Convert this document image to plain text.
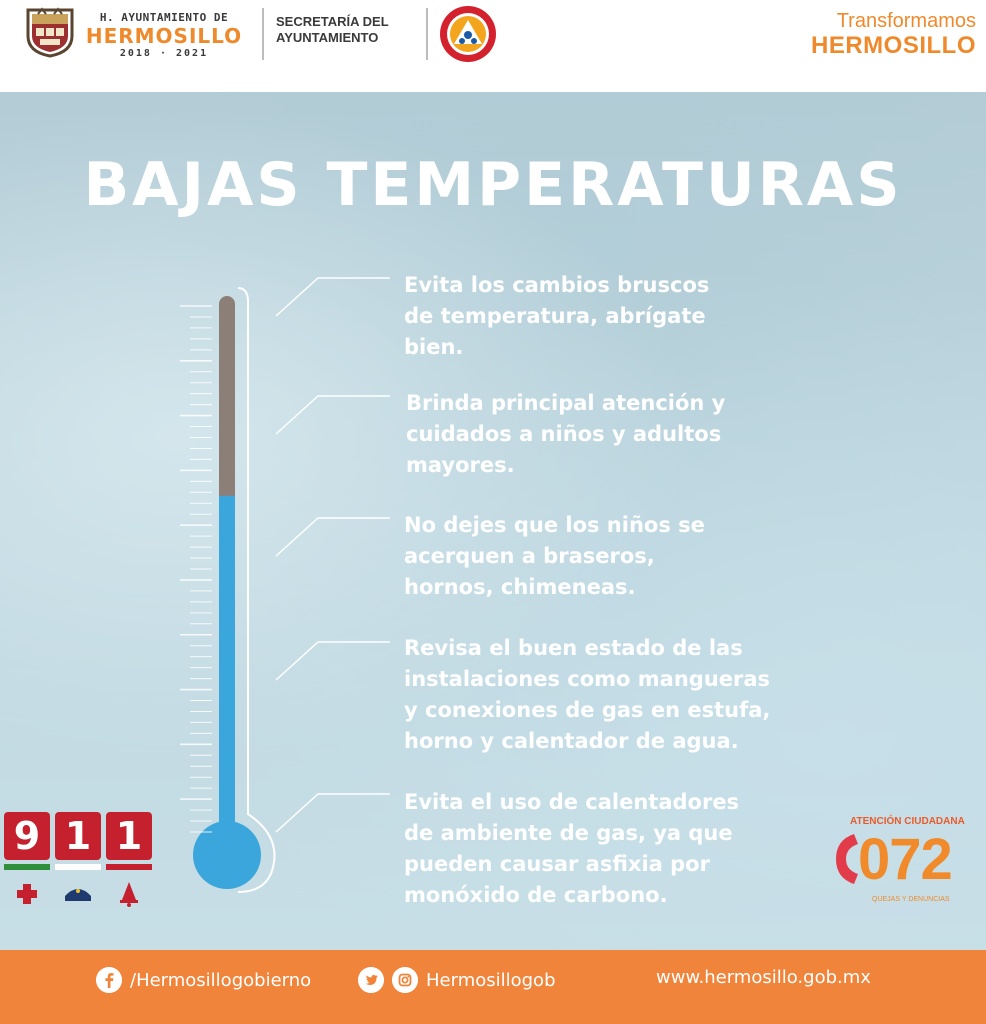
H. AYUNTAMIENTO DE
HERMOSILLO
2018 · 2021
SECRETARÍA DEL
AYUNTAMIENTO
Transformamos
HERMOSILLO
BAJAS TEMPERATURAS
Evita los cambios bruscos
de temperatura, abrígate
bien.
Brinda principal atención y
cuidados a niños y adultos
mayores.
No dejes que los niños se
acerquen a braseros,
hornos, chimeneas.
Revisa el buen estado de las
instalaciones como mangueras
y conexiones de gas en estufa,
horno y calentador de agua.
Evita el uso de calentadores
de ambiente de gas, ya que
pueden causar asfixia por
monóxido de carbono.
9 1 1	ATENCIÓN CIUDADANA
072
QUEJAS Y DENUNCIAS
/Hermosillogobierno	Hermosillogob	www.hermosillo.gob.mx
